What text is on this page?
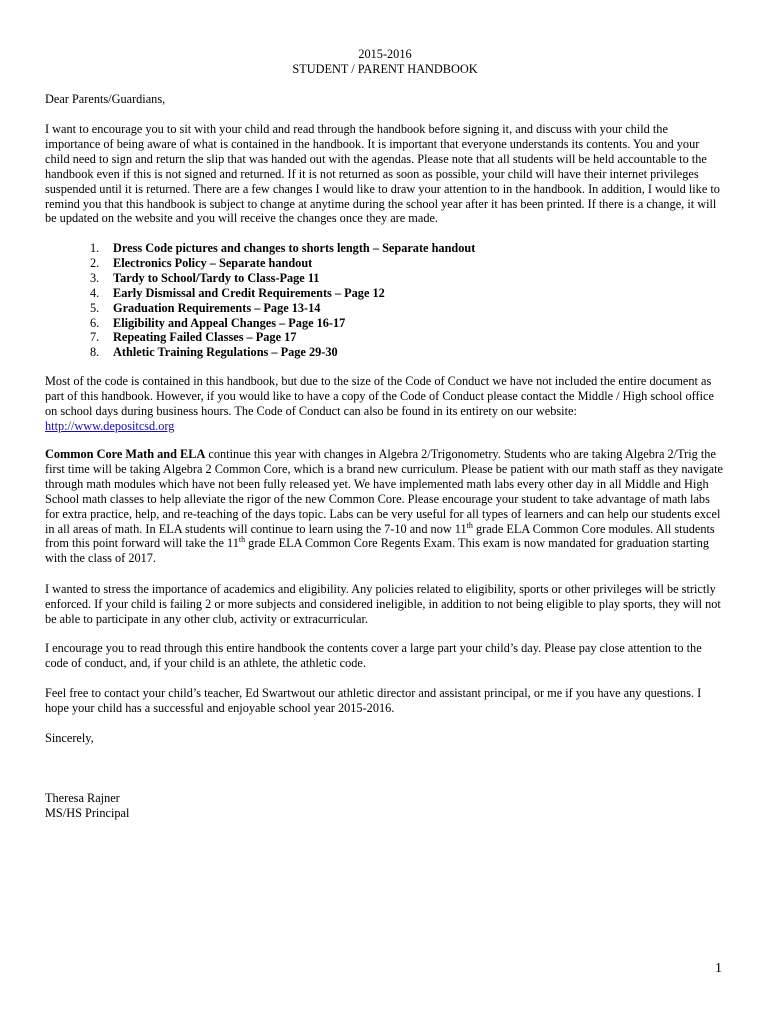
2015-2016
STUDENT / PARENT HANDBOOK
Dear Parents/Guardians,
I want to encourage you to sit with your child and read through the handbook before signing it, and discuss with your child the importance of being aware of what is contained in the handbook. It is important that everyone understands its contents. You and your child need to sign and return the slip that was handed out with the agendas. Please note that all students will be held accountable to the handbook even if this is not signed and returned. If it is not returned as soon as possible, your child will have their internet privileges suspended until it is returned. There are a few changes I would like to draw your attention to in the handbook. In addition, I would like to remind you that this handbook is subject to change at anytime during the school year after it has been printed. If there is a change, it will be updated on the website and you will receive the changes once they are made.
1. Dress Code pictures and changes to shorts length – Separate handout
2. Electronics Policy – Separate handout
3. Tardy to School/Tardy to Class-Page 11
4. Early Dismissal and Credit Requirements – Page 12
5. Graduation Requirements – Page 13-14
6. Eligibility and Appeal Changes – Page 16-17
7. Repeating Failed Classes – Page 17
8. Athletic Training Regulations – Page 29-30
Most of the code is contained in this handbook, but due to the size of the Code of Conduct we have not included the entire document as part of this handbook. However, if you would like to have a copy of the Code of Conduct please contact the Middle / High school office on school days during business hours. The Code of Conduct can also be found in its entirety on our website:
http://www.depositcsd.org
Common Core Math and ELA continue this year with changes in Algebra 2/Trigonometry. Students who are taking Algebra 2/Trig the first time will be taking Algebra 2 Common Core, which is a brand new curriculum. Please be patient with our math staff as they navigate through math modules which have not been fully released yet. We have implemented math labs every other day in all Middle and High School math classes to help alleviate the rigor of the new Common Core. Please encourage your student to take advantage of math labs for extra practice, help, and re-teaching of the days topic. Labs can be very useful for all types of learners and can help our students excel in all areas of math. In ELA students will continue to learn using the 7-10 and now 11th grade ELA Common Core modules. All students from this point forward will take the 11th grade ELA Common Core Regents Exam. This exam is now mandated for graduation starting with the class of 2017.
I wanted to stress the importance of academics and eligibility. Any policies related to eligibility, sports or other privileges will be strictly enforced. If your child is failing 2 or more subjects and considered ineligible, in addition to not being eligible to play sports, they will not be able to participate in any other club, activity or extracurricular.
I encourage you to read through this entire handbook the contents cover a large part your child’s day. Please pay close attention to the code of conduct, and, if your child is an athlete, the athletic code.
Feel free to contact your child’s teacher, Ed Swartwout our athletic director and assistant principal, or me if you have any questions. I hope your child has a successful and enjoyable school year 2015-2016.
Sincerely,
Theresa Rajner
MS/HS Principal
1
